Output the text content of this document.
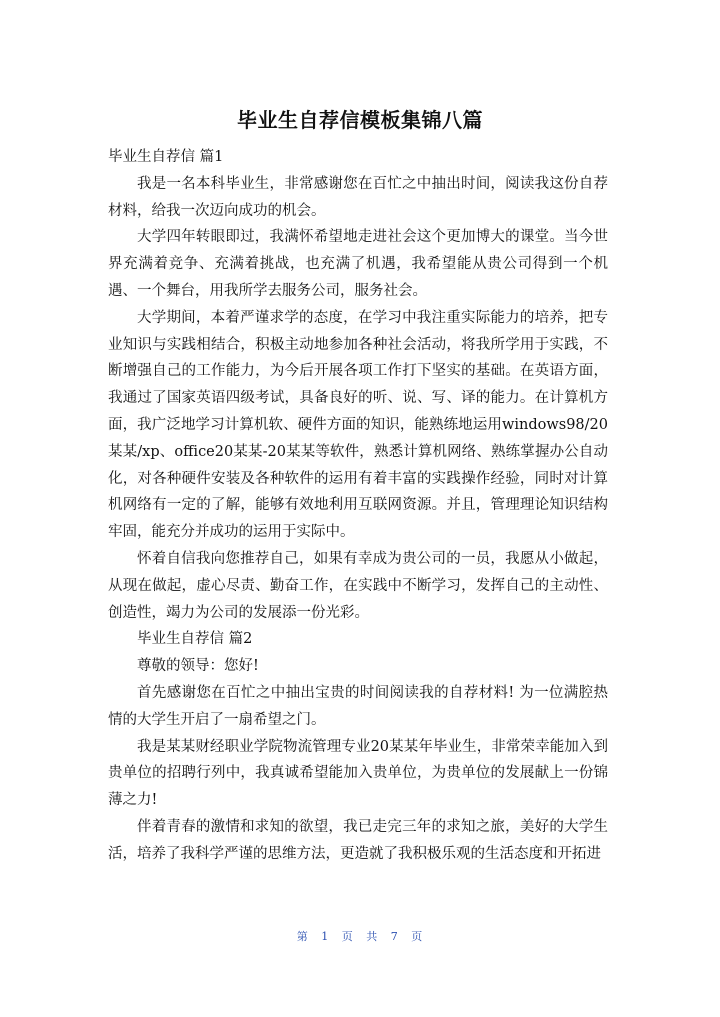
毕业生自荐信模板集锦八篇

毕业生自荐信 篇1

我是一名本科毕业生，非常感谢您在百忙之中抽出时间，阅读我这份自荐材料，给我一次迈向成功的机会。

大学四年转眼即过，我满怀希望地走进社会这个更加博大的课堂。当今世界充满着竞争、充满着挑战，也充满了机遇，我希望能从贵公司得到一个机遇、一个舞台，用我所学去服务公司，服务社会。

大学期间，本着严谨求学的态度，在学习中我注重实际能力的培养，把专业知识与实践相结合，积极主动地参加各种社会活动，将我所学用于实践，不断增强自己的工作能力，为今后开展各项工作打下坚实的基础。在英语方面，我通过了国家英语四级考试，具备良好的听、说、写、译的能力。在计算机方面，我广泛地学习计算机软、硬件方面的知识，能熟练地运用windows98/20某某/xp、office20某某-20某某等软件，熟悉计算机网络、熟练掌握办公自动化，对各种硬件安装及各种软件的运用有着丰富的实践操作经验，同时对计算机网络有一定的了解，能够有效地利用互联网资源。并且，管理理论知识结构牢固，能充分并成功的运用于实际中。

怀着自信我向您推荐自己，如果有幸成为贵公司的一员，我愿从小做起，从现在做起，虚心尽责、勤奋工作，在实践中不断学习，发挥自己的主动性、创造性，竭力为公司的发展添一份光彩。

毕业生自荐信 篇2

尊敬的领导：您好!

首先感谢您在百忙之中抽出宝贵的时间阅读我的自荐材料! 为一位满腔热情的大学生开启了一扇希望之门。

我是某某财经职业学院物流管理专业20某某年毕业生，非常荣幸能加入到贵单位的招聘行列中，我真诚希望能加入贵单位，为贵单位的发展献上一份锦薄之力!

伴着青春的激情和求知的欲望，我已走完三年的求知之旅，美好的大学生活，培养了我科学严谨的思维方法，更造就了我积极乐观的生活态度和开拓进

第 1 页 共 7 页
